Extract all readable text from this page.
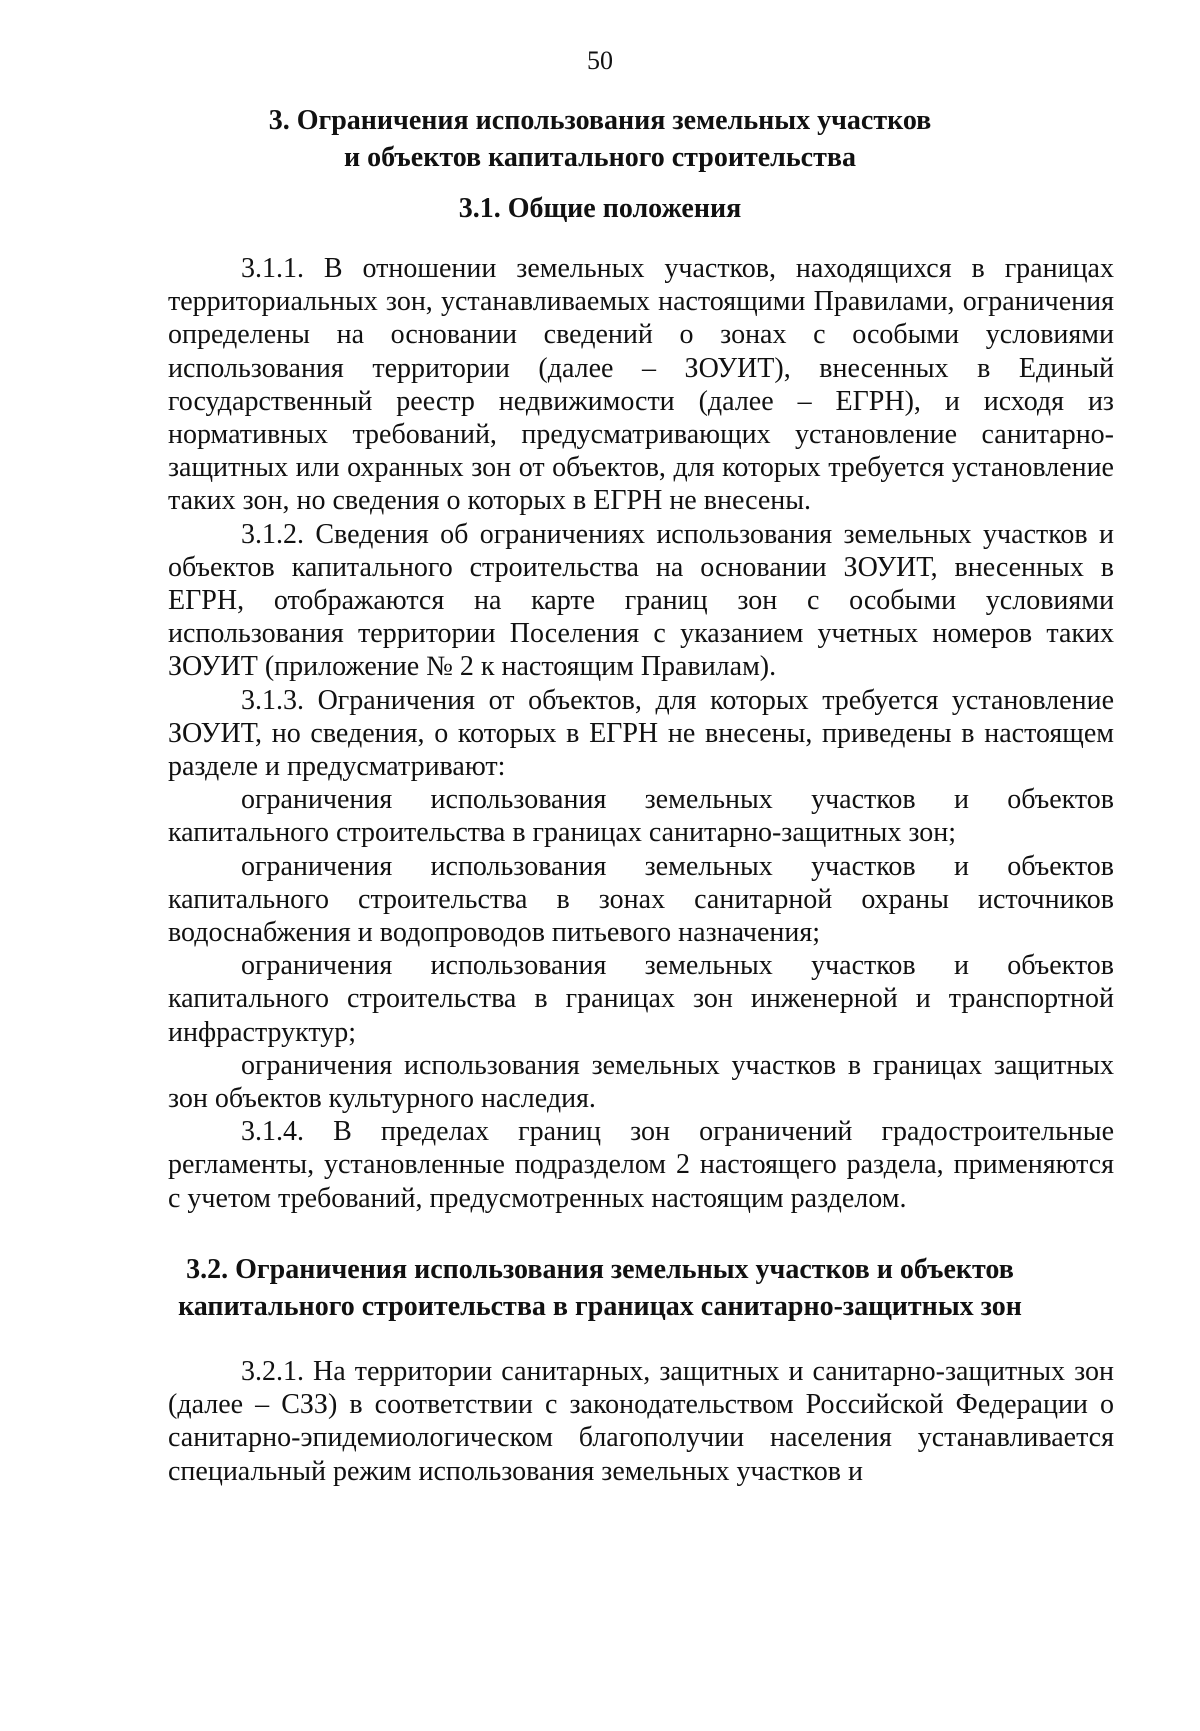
50
3. Ограничения использования земельных участков
и объектов капитального строительства
3.1. Общие положения

3.1.1. В отношении земельных участков, находящихся в границах территориальных зон, устанавливаемых настоящими Правилами, ограничения определены на основании сведений о зонах с особыми условиями использования территории (далее – ЗОУИТ), внесенных в Единый государственный реестр недвижимости (далее – ЕГРН), и исходя из нормативных требований, предусматривающих установление санитарно-защитных или охранных зон от объектов, для которых требуется установление таких зон, но сведения о которых в ЕГРН не внесены.

3.1.2. Сведения об ограничениях использования земельных участков и объектов капитального строительства на основании ЗОУИТ, внесенных в ЕГРН, отображаются на карте границ зон с особыми условиями использования территории Поселения с указанием учетных номеров таких ЗОУИТ (приложение № 2 к настоящим Правилам).

3.1.3. Ограничения от объектов, для которых требуется установление ЗОУИТ, но сведения, о которых в ЕГРН не внесены, приведены в настоящем разделе и предусматривают:

ограничения использования земельных участков и объектов капитального строительства в границах санитарно-защитных зон;

ограничения использования земельных участков и объектов капитального строительства в зонах санитарной охраны источников водоснабжения и водопроводов питьевого назначения;

ограничения использования земельных участков и объектов капитального строительства в границах зон инженерной и транспортной инфраструктур;

ограничения использования земельных участков в границах защитных зон объектов культурного наследия.

3.1.4. В пределах границ зон ограничений градостроительные регламенты, установленные подразделом 2 настоящего раздела, применяются с учетом требований, предусмотренных настоящим разделом.

3.2. Ограничения использования земельных участков и объектов
капитального строительства в границах санитарно-защитных зон

3.2.1. На территории санитарных, защитных и санитарно-защитных зон (далее – СЗЗ) в соответствии с законодательством Российской Федерации о санитарно-эпидемиологическом благополучии населения устанавливается специальный режим использования земельных участков и
